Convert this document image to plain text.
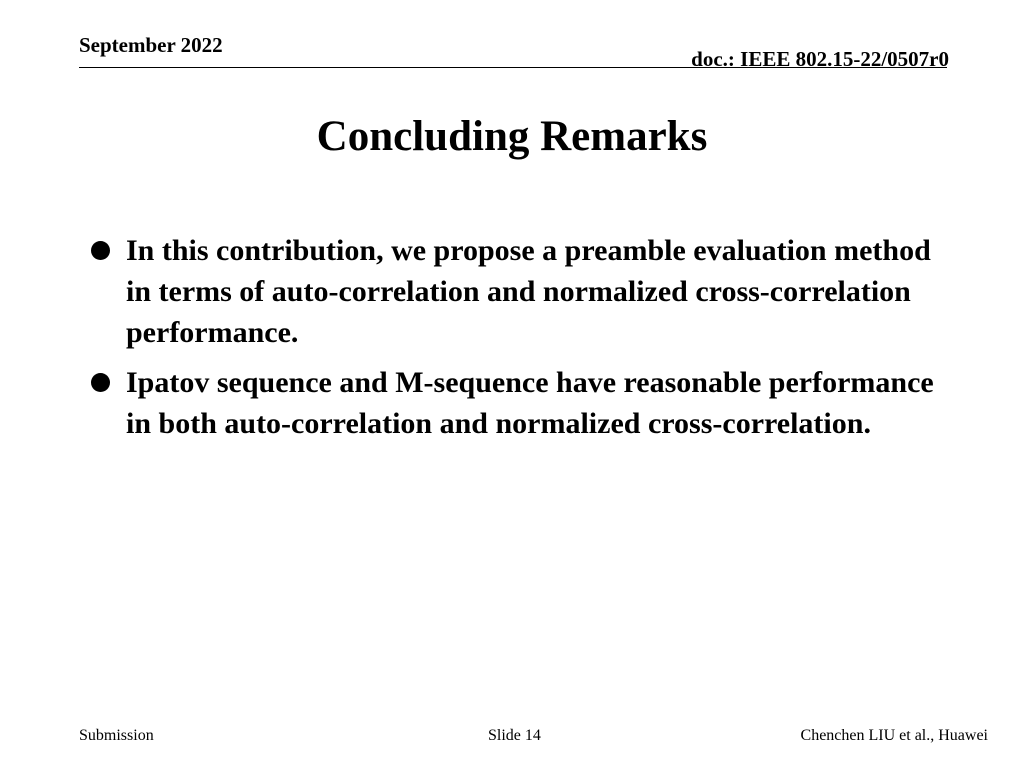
September 2022
doc.: IEEE 802.15-22/0507r0
Concluding Remarks
In this contribution, we propose a preamble evaluation method in terms of auto-correlation and normalized cross-correlation performance.
Ipatov sequence and M-sequence have reasonable performance in both auto-correlation and normalized cross-correlation.
Submission	Slide 14	Chenchen LIU et al., Huawei
